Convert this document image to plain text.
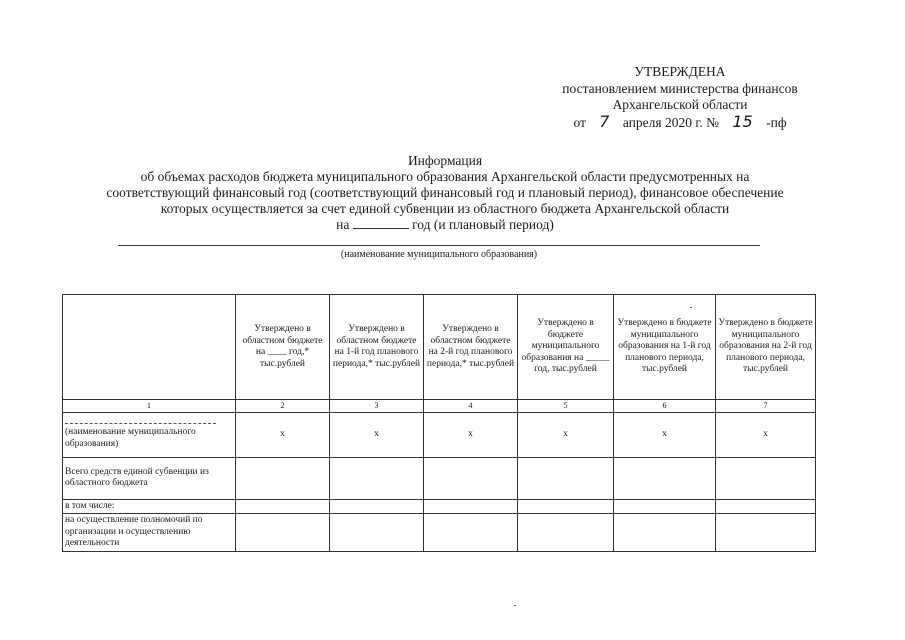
УТВЕРЖДЕНА
постановлением министерства финансов
Архангельской области
от 7 апреля 2020 г. № 15 -пф
Информация
об объемах расходов бюджета муниципального образования Архангельской области предусмотренных на
соответствующий финансовый год (соответствующий финансовый год и плановый период), финансовое обеспечение
которых осуществляется за счет единой субвенции из областного бюджета Архангельской области
на	год (и плановый период)
(наименование муниципального образования)
	Утверждено в областном бюджете на ____ год,* тыс.рублей	Утверждено в областном бюджете на 1-й год планового периода,* тыс.рублей	Утверждено в областном бюджете на 2-й год планового периода,* тыс.рублей	Утверждено в бюджете муниципального образования на _____ год, тыс.рублей	Утверждено в бюджете муниципального образования на 1-й год планового периода, тыс.рублей	Утверждено в бюджете муниципального образования на 2-й год планового периода, тыс.рублей
1	2	3	4	5	6	7

(наименование муниципального образования)	x	x	x	x	x	x
Всего средств единой субвенции из областного бюджета						
в том числе:						
на осуществление полномочий по организации и осуществлению деятельности						
